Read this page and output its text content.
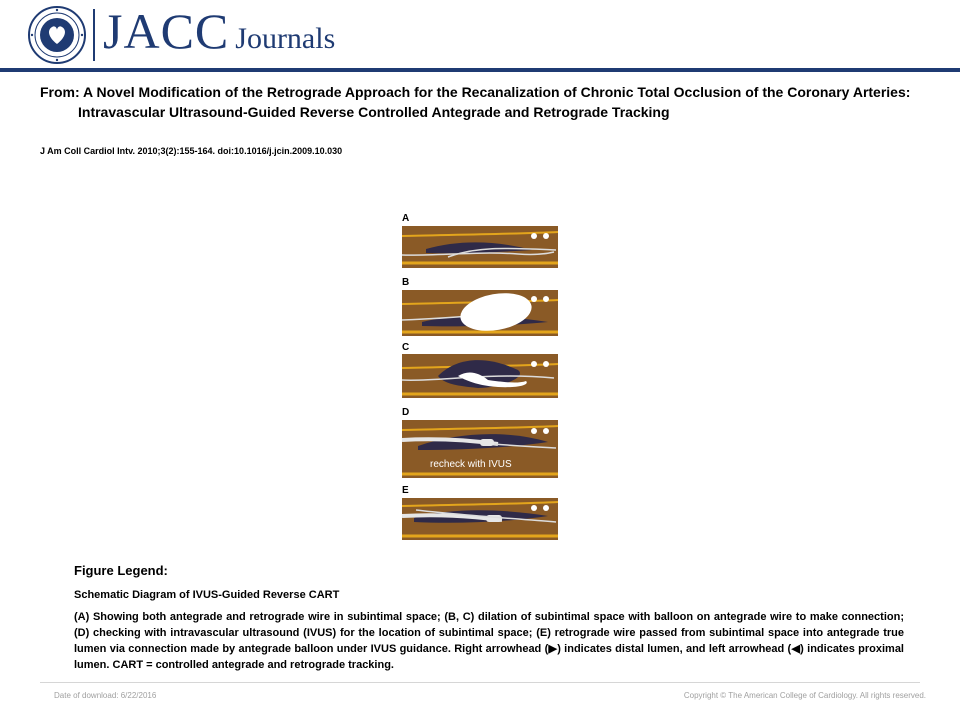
JACC Journals
From: A Novel Modification of the Retrograde Approach for the Recanalization of Chronic Total Occlusion of the Coronary Arteries: Intravascular Ultrasound-Guided Reverse Controlled Antegrade and Retrograde Tracking
J Am Coll Cardiol Intv. 2010;3(2):155-164. doi:10.1016/j.jcin.2009.10.030
A
B
C
D
recheck with IVUS
E
Figure Legend:
Schematic Diagram of IVUS-Guided Reverse CART
(A) Showing both antegrade and retrograde wire in subintimal space; (B, C) dilation of subintimal space with balloon on antegrade wire to make connection; (D) checking with intravascular ultrasound (IVUS) for the location of subintimal space; (E) retrograde wire passed from subintimal space into antegrade true lumen via connection made by antegrade balloon under IVUS guidance. Right arrowhead (▶) indicates distal lumen, and left arrowhead (◀) indicates proximal lumen. CART = controlled antegrade and retrograde tracking.
Date of download: 6/22/2016	Copyright © The American College of Cardiology. All rights reserved.
